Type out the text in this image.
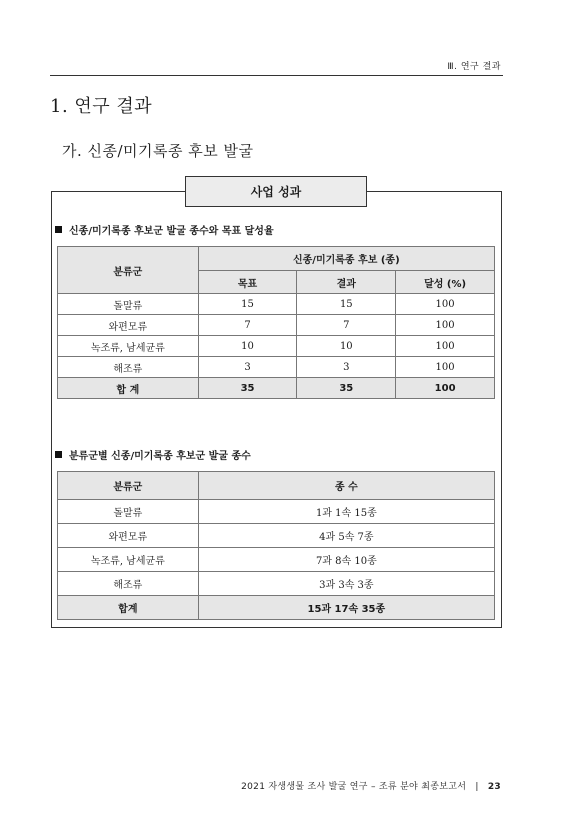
Ⅲ. 연구 결과
1. 연구 결과
가. 신종/미기록종 후보 발굴
사업 성과
신종/미기록종 후보군 발굴 종수와 목표 달성율
분류군	신종/미기록종 후보 (종)		
	목표	결과	달성 (%)
돌말류	15	15	100
와편모류	7	7	100
녹조류, 남세균류	10	10	100
해조류	3	3	100
합 계	35	35	100
분류군별 신종/미기록종 후보군 발굴 종수
분류군	종 수
돌말류	1과 1속 15종
와편모류	4과 5속 7종
녹조류, 남세균류	7과 8속 10종
해조류	3과 3속 3종
합계	15과 17속 35종
2021 자생생물 조사 발굴 연구 – 조류 분야 최종보고서 | 23
